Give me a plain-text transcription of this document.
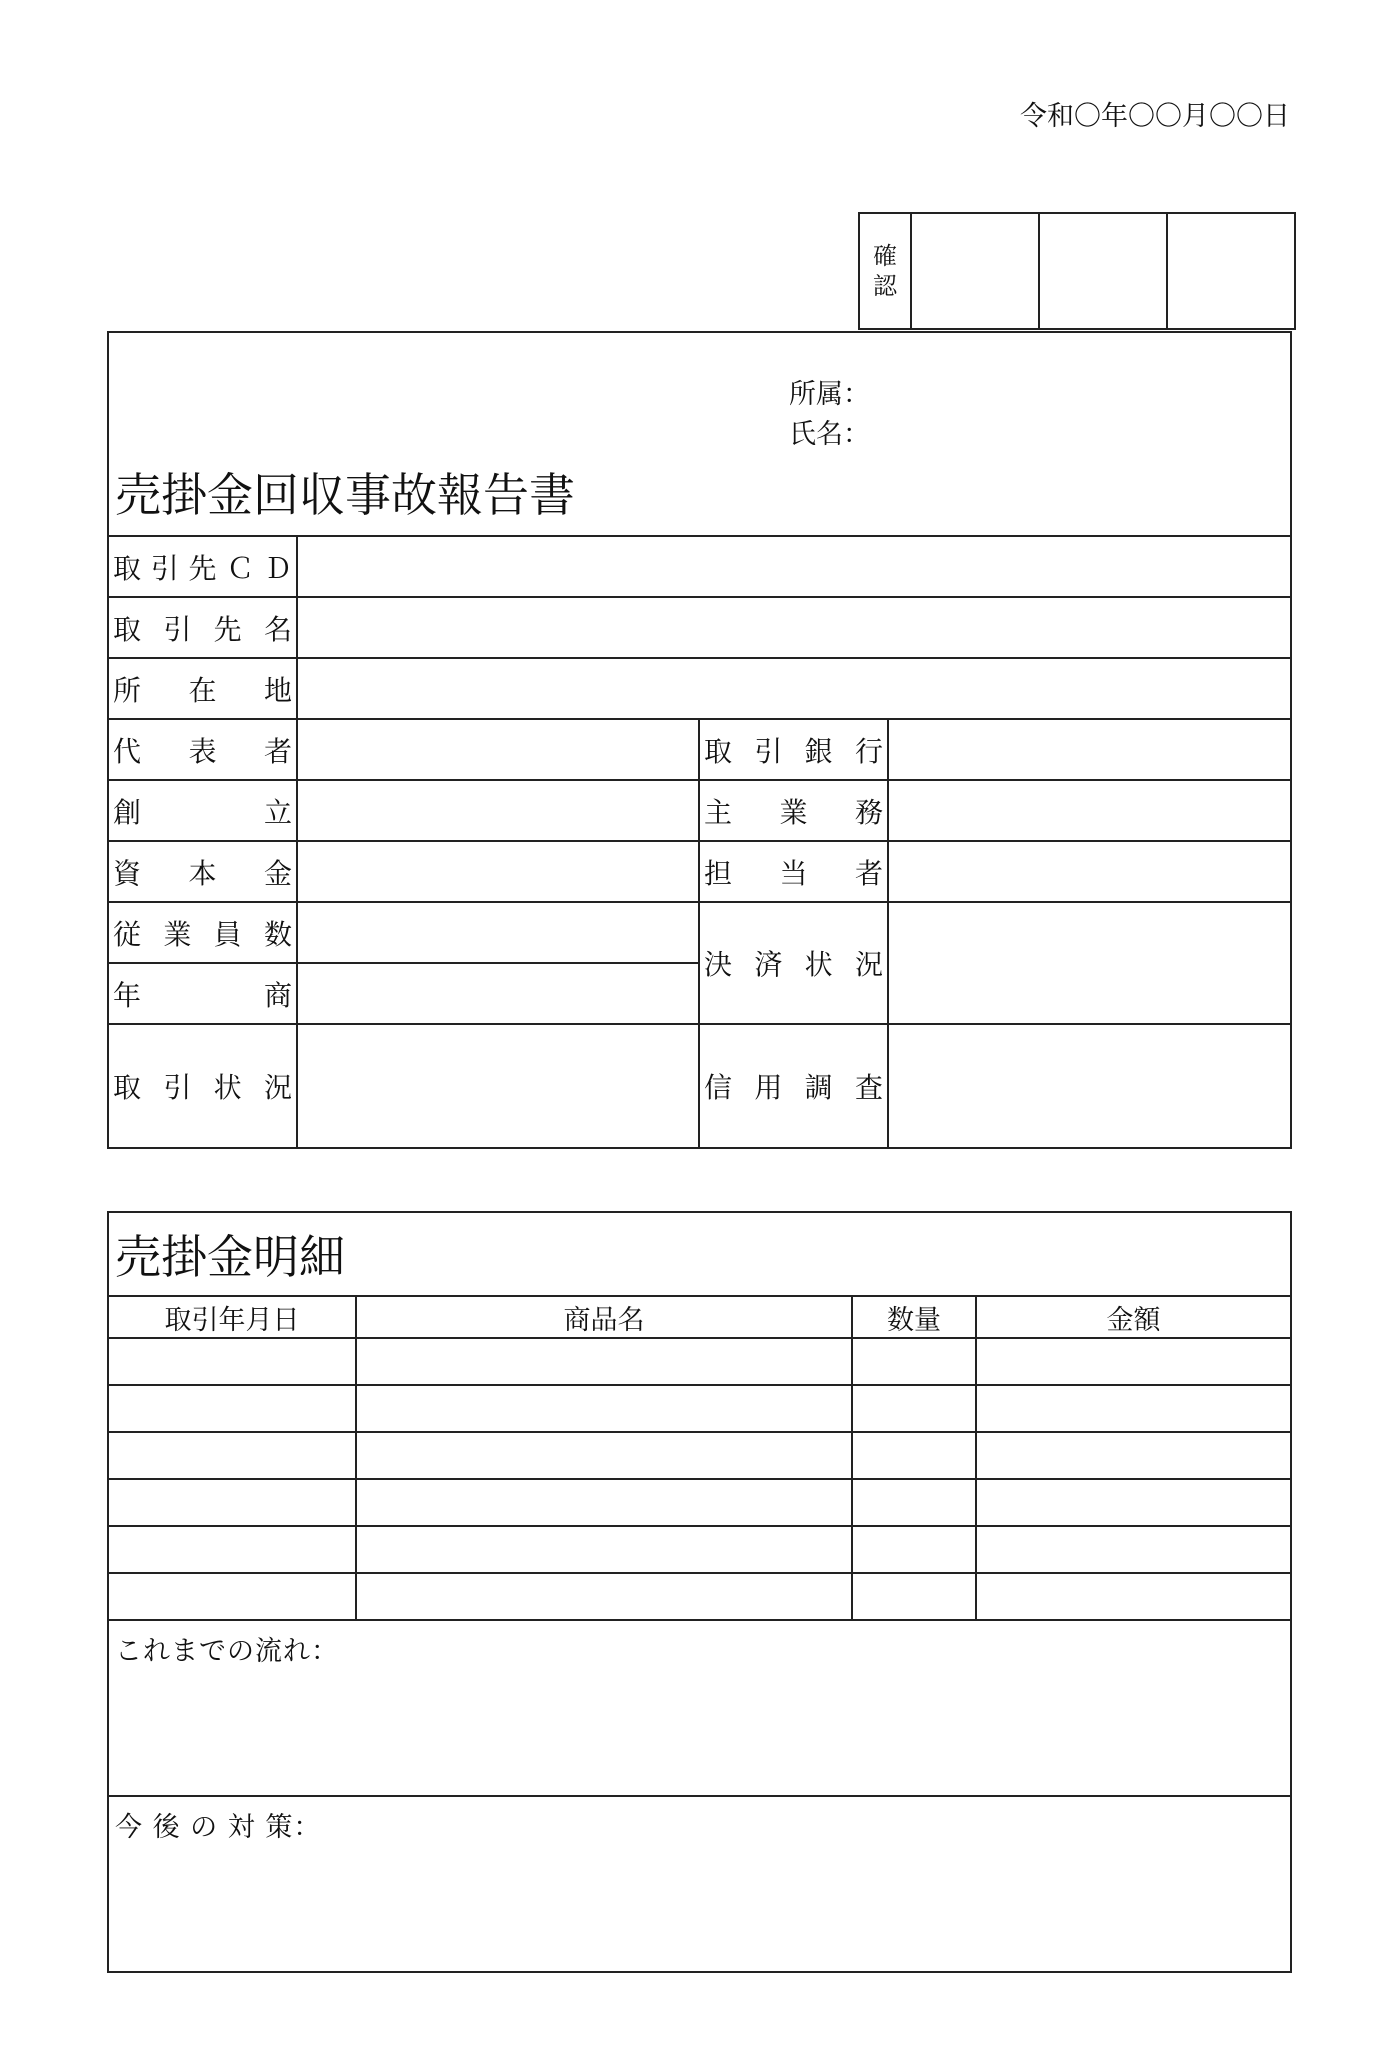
令和〇年〇〇月〇〇日
確
認
所属：
氏名：
売掛金回収事故報告書			

取 引 先 Ｃ Ｄ			

取 引 先 名			

所 在 地			

代 表 者		取 引 銀 行	

創 立		主 業 務	

資 本 金		担 当 者	

従 業 員 数		決 済 状 況	

年 商			

取 引 状 況		信 用 調 査	

売掛金明細			
取引年月日	商品名	数量	金額

これまでの流れ：			
今 後 の 対 策：			
